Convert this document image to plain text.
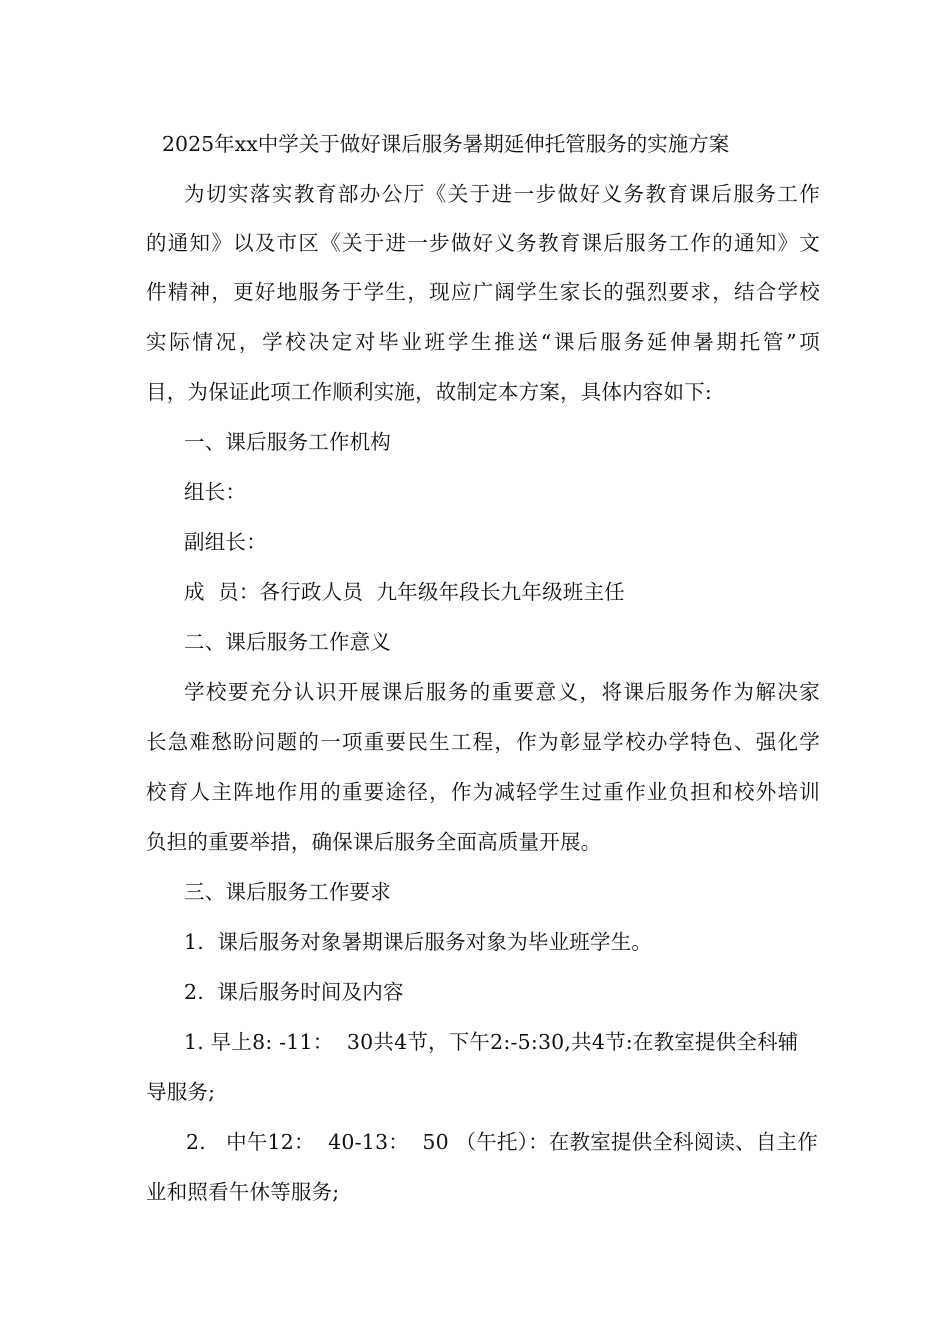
2025年xx中学关于做好课后服务暑期延伸托管服务的实施方案
为切实落实教育部办公厅《关于进一步做好义务教育课后服务工作
的通知》以及市区《关于进一步做好义务教育课后服务工作的通知》文
件精神，更好地服务于学生，现应广阔学生家长的强烈要求，结合学校
实际情况，学校决定对毕业班学生推送“课后服务延伸暑期托管”项
目，为保证此项工作顺利实施，故制定本方案，具体内容如下:
一、课后服务工作机构
组长：
副组长：
成  员：各行政人员  九年级年段长九年级班主任
二、课后服务工作意义
学校要充分认识开展课后服务的重要意义，将课后服务作为解决家
长急难愁盼问题的一项重要民生工程，作为彰显学校办学特色、强化学
校育人主阵地作用的重要途径，作为减轻学生过重作业负担和校外培训
负担的重要举措，确保课后服务全面高质量开展。
三、课后服务工作要求
1.  课后服务对象暑期课后服务对象为毕业班学生。
2.  课后服务时间及内容
1. 早上8: -11：  30共4节，下午2:-5:30,共4节:在教室提供全科辅
导服务;
2.   中午12：  40-13：  50 （午托）：在教室提供全科阅读、自主作
业和照看午休等服务;
